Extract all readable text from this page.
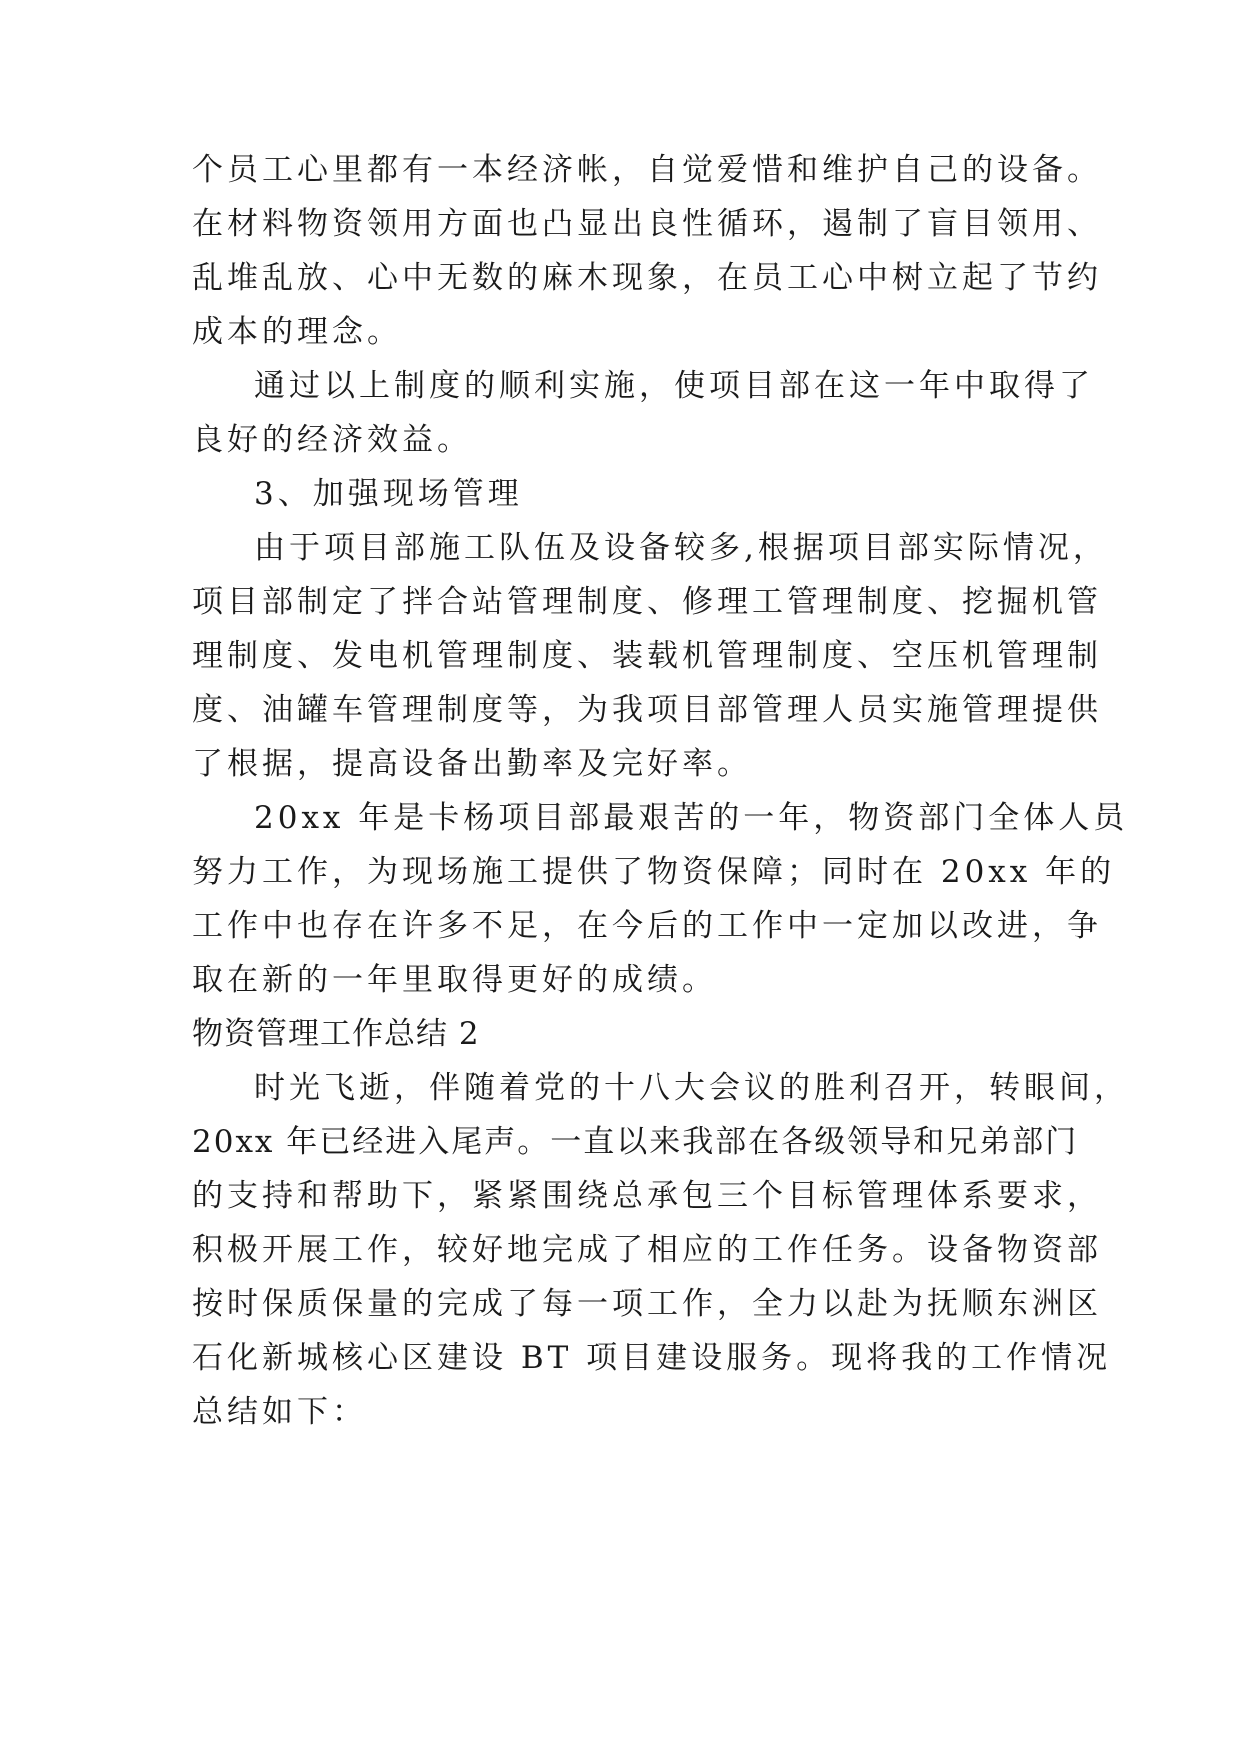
个员工心里都有一本经济帐，自觉爱惜和维护自己的设备。
在材料物资领用方面也凸显出良性循环，遏制了盲目领用、
乱堆乱放、心中无数的麻木现象，在员工心中树立起了节约
成本的理念。
通过以上制度的顺利实施，使项目部在这一年中取得了
良好的经济效益。
3、加强现场管理
由于项目部施工队伍及设备较多,根据项目部实际情况，
项目部制定了拌合站管理制度、修理工管理制度、挖掘机管
理制度、发电机管理制度、装载机管理制度、空压机管理制
度、油罐车管理制度等，为我项目部管理人员实施管理提供
了根据，提高设备出勤率及完好率。
20xx 年是卡杨项目部最艰苦的一年，物资部门全体人员
努力工作，为现场施工提供了物资保障；同时在 20xx 年的
工作中也存在许多不足，在今后的工作中一定加以改进，争
取在新的一年里取得更好的成绩。
物资管理工作总结 2
时光飞逝，伴随着党的十八大会议的胜利召开，转眼间，
20xx 年已经进入尾声。一直以来我部在各级领导和兄弟部门
的支持和帮助下，紧紧围绕总承包三个目标管理体系要求，
积极开展工作，较好地完成了相应的工作任务。设备物资部
按时保质保量的完成了每一项工作，全力以赴为抚顺东洲区
石化新城核心区建设 BT 项目建设服务。现将我的工作情况
总结如下：
